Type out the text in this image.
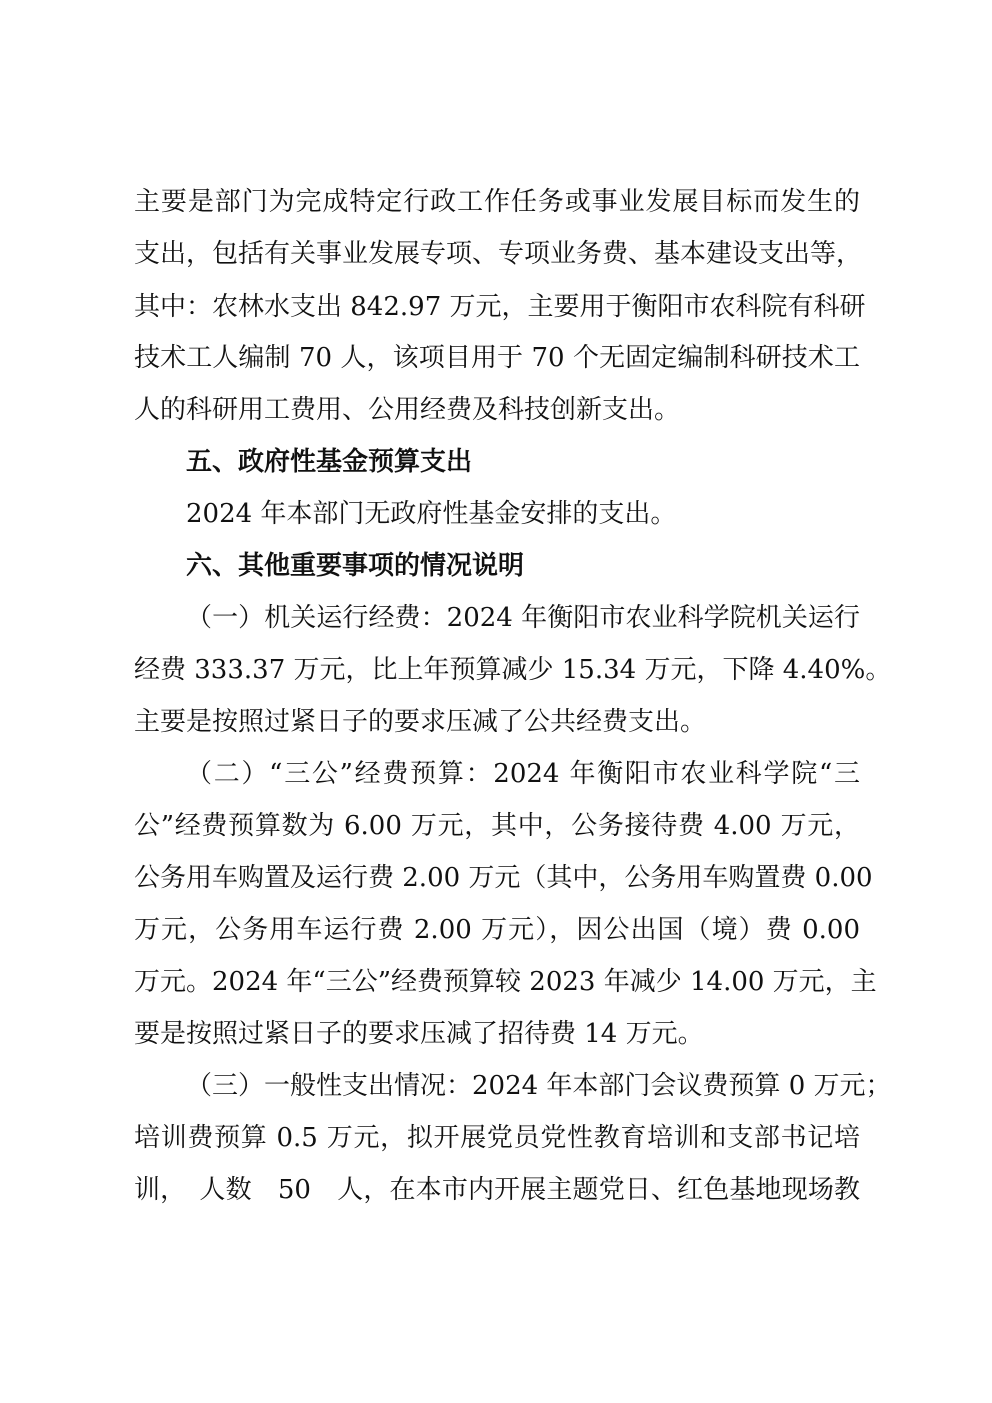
主要是部门为完成特定行政工作任务或事业发展目标而发生的
支出，包括有关事业发展专项、专项业务费、基本建设支出等，
其中：农林水支出 842.97 万元，主要用于衡阳市农科院有科研
技术工人编制 70 人，该项目用于 70 个无固定编制科研技术工
人的科研用工费用、公用经费及科技创新支出。
五、政府性基金预算支出
2024 年本部门无政府性基金安排的支出。
六、其他重要事项的情况说明
（一）机关运行经费：2024 年衡阳市农业科学院机关运行
经费 333.37 万元，比上年预算减少 15.34 万元，下降 4.40%。
主要是按照过紧日子的要求压减了公共经费支出。
（二）“三公”经费预算：2024 年衡阳市农业科学院“三
公”经费预算数为 6.00 万元，其中，公务接待费 4.00 万元，
公务用车购置及运行费 2.00 万元（其中，公务用车购置费 0.00
万元，公务用车运行费 2.00 万元），因公出国（境）费 0.00
万元。2024 年“三公”经费预算较 2023 年减少 14.00 万元，主
要是按照过紧日子的要求压减了招待费 14 万元。
（三）一般性支出情况：2024 年本部门会议费预算 0 万元；
培训费预算 0.5 万元，拟开展党员党性教育培训和支部书记培
训，　人数　50　人，在本市内开展主题党日、红色基地现场教
